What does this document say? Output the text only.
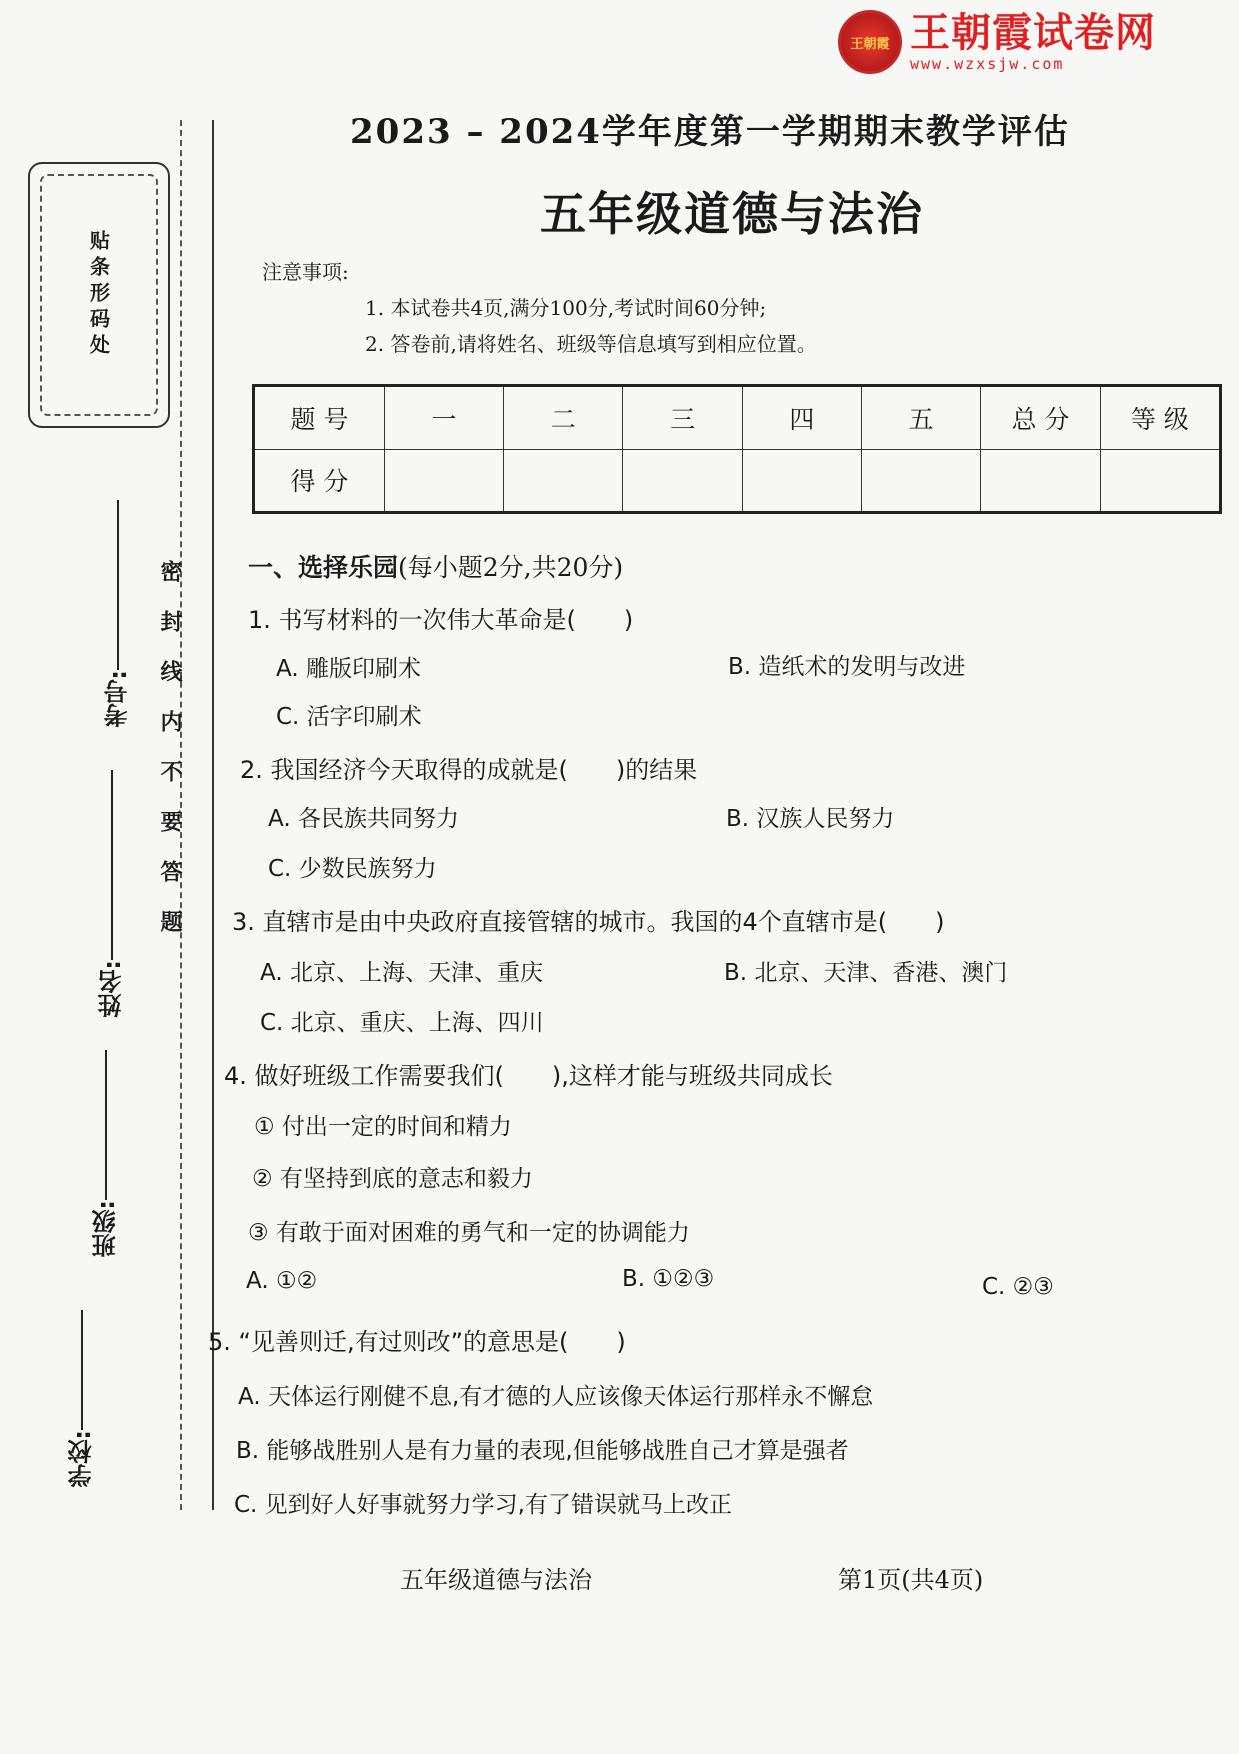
王朝霞 王朝霞试卷网
www.wzxsjw.com
贴条形码处
考号:
姓名:
班级:
学校:
密封线内不要答题
2023 – 2024学年度第一学期期末教学评估
五年级道德与法治
注意事项:
1. 本试卷共4页,满分100分,考试时间60分钟;
2. 答卷前,请将姓名、班级等信息填写到相应位置。
题 号	一	二	三	四	五	总 分	等 级
得 分							
一、选择乐园(每小题2分,共20分)
1. 书写材料的一次伟大革命是(　　)
A. 雕版印刷术	B. 造纸术的发明与改进
C. 活字印刷术
2. 我国经济今天取得的成就是(　　)的结果
A. 各民族共同努力	B. 汉族人民努力
C. 少数民族努力
3. 直辖市是由中央政府直接管辖的城市。我国的4个直辖市是(　　)
A. 北京、上海、天津、重庆	B. 北京、天津、香港、澳门
C. 北京、重庆、上海、四川
4. 做好班级工作需要我们(　　),这样才能与班级共同成长
① 付出一定的时间和精力
② 有坚持到底的意志和毅力
③ 有敢于面对困难的勇气和一定的协调能力
A. ①②	B. ①②③	C. ②③
5. “见善则迁,有过则改”的意思是(　　)
A. 天体运行刚健不息,有才德的人应该像天体运行那样永不懈怠
B. 能够战胜别人是有力量的表现,但能够战胜自己才算是强者
C. 见到好人好事就努力学习,有了错误就马上改正
五年级道德与法治	第1页(共4页)
